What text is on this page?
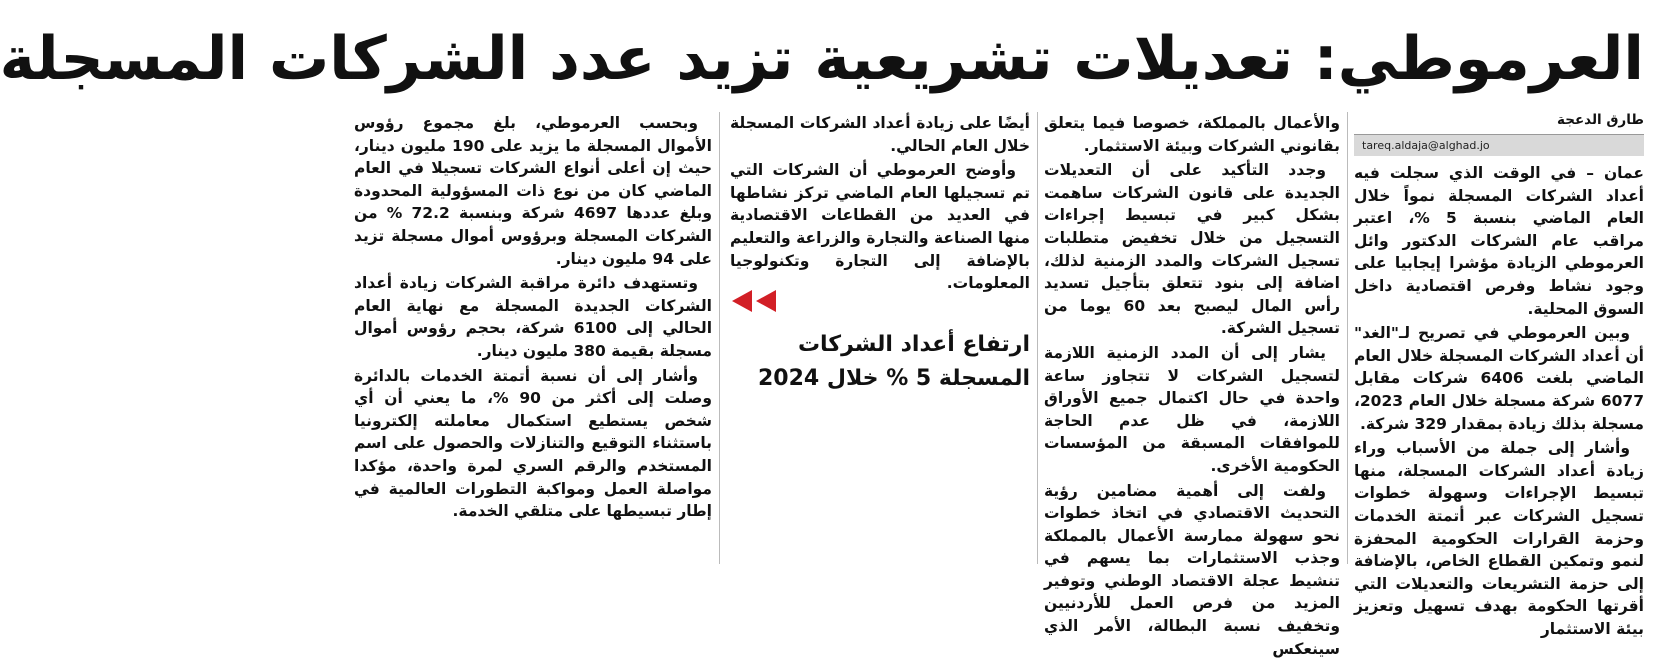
العرموطي: تعديلات تشريعية تزيد عدد الشركات المسجلة
طارق الدعجة
tareq.aldaja@alghad.jo

عمان – في الوقت الذي سجلت فيه أعداد الشركات المسجلة نمواً خلال العام الماضي بنسبة 5 %، اعتبر مراقب عام الشركات الدكتور وائل العرموطي الزيادة مؤشرا إيجابيا على وجود نشاط وفرص اقتصادية داخل السوق المحلية.

وبين العرموطي في تصريح لـ"الغد" أن أعداد الشركات المسجلة خلال العام الماضي بلغت 6406 شركات مقابل 6077 شركة مسجلة خلال العام 2023، مسجلة بذلك زيادة بمقدار 329 شركة.

وأشار إلى جملة من الأسباب وراء زيادة أعداد الشركات المسجلة، منها تبسيط الإجراءات وسهولة خطوات تسجيل الشركات عبر أتمتة الخدمات وحزمة القرارات الحكومية المحفزة لنمو وتمكين القطاع الخاص، بالإضافة إلى حزمة التشريعات والتعديلات التي أقرتها الحكومة بهدف تسهيل وتعزيز بيئة الاستثمار

والأعمال بالمملكة، خصوصا فيما يتعلق بقانوني الشركات وبيئة الاستثمار.

وجدد التأكيد على أن التعديلات الجديدة على قانون الشركات ساهمت بشكل كبير في تبسيط إجراءات التسجيل من خلال تخفيض متطلبات تسجيل الشركات والمدد الزمنية لذلك، اضافة إلى بنود تتعلق بتأجيل تسديد رأس المال ليصبح بعد 60 يوما من تسجيل الشركة.

يشار إلى أن المدد الزمنية اللازمة لتسجيل الشركات لا تتجاوز ساعة واحدة في حال اكتمال جميع الأوراق اللازمة، في ظل عدم الحاجة للموافقات المسبقة من المؤسسات الحكومية الأخرى.

ولفت إلى أهمية مضامين رؤية التحديث الاقتصادي في اتخاذ خطوات نحو سهولة ممارسة الأعمال بالمملكة وجذب الاستثمارات بما يسهم في تنشيط عجلة الاقتصاد الوطني وتوفير المزيد من فرص العمل للأردنيين وتخفيف نسبة البطالة، الأمر الذي سينعكس

أيضًا على زيادة أعداد الشركات المسجلة خلال العام الحالي.

وأوضح العرموطي أن الشركات التي تم تسجيلها العام الماضي تركز نشاطها في العديد من القطاعات الاقتصادية منها الصناعة والتجارة والزراعة والتعليم بالإضافة إلى التجارة وتكنولوجيا المعلومات.

ارتفاع أعداد الشركات المسجلة 5 % خلال 2024

وبحسب العرموطي، بلغ مجموع رؤوس الأموال المسجلة ما يزيد على 190 مليون دينار، حيث إن أعلى أنواع الشركات تسجيلا في العام الماضي كان من نوع ذات المسؤولية المحدودة وبلغ عددها 4697 شركة وبنسبة 72.2 % من الشركات المسجلة وبرؤوس أموال مسجلة تزيد على 94 مليون دينار.

وتستهدف دائرة مراقبة الشركات زيادة أعداد الشركات الجديدة المسجلة مع نهاية العام الحالي إلى 6100 شركة، بحجم رؤوس أموال مسجلة بقيمة 380 مليون دينار.

وأشار إلى أن نسبة أتمتة الخدمات بالدائرة وصلت إلى أكثر من 90 %، ما يعني أن أي شخص يستطيع استكمال معاملته إلكترونيا باستثناء التوقيع والتنازلات والحصول على اسم المستخدم والرقم السري لمرة واحدة، مؤكدا مواصلة العمل ومواكبة التطورات العالمية في إطار تبسيطها على متلقي الخدمة.
